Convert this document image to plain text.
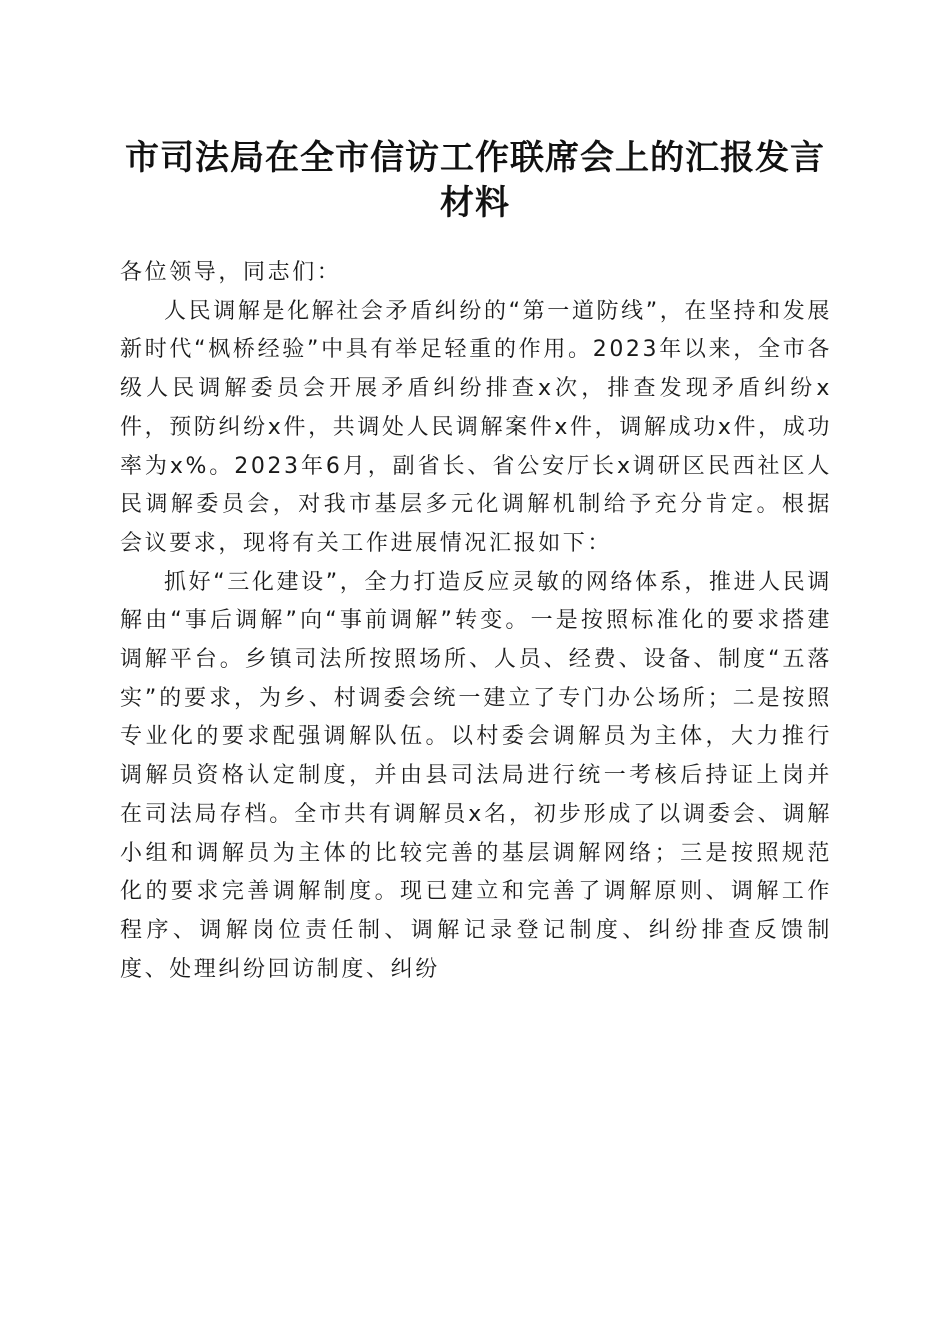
市司法局在全市信访工作联席会上的汇报发言
材料

各位领导，同志们：

人民调解是化解社会矛盾纠纷的“第一道防线”，在坚持和发展新时代“枫桥经验”中具有举足轻重的作用。2023年以来，全市各级人民调解委员会开展矛盾纠纷排查x次，排查发现矛盾纠纷x件，预防纠纷x件，共调处人民调解案件x件，调解成功x件，成功率为x%。2023年6月，副省长、省公安厅长x调研区民西社区人民调解委员会，对我市基层多元化调解机制给予充分肯定。根据会议要求，现将有关工作进展情况汇报如下：

抓好“三化建设”，全力打造反应灵敏的网络体系，推进人民调解由“事后调解”向“事前调解”转变。一是按照标准化的要求搭建调解平台。乡镇司法所按照场所、人员、经费、设备、制度“五落实”的要求，为乡、村调委会统一建立了专门办公场所；二是按照专业化的要求配强调解队伍。以村委会调解员为主体，大力推行调解员资格认定制度，并由县司法局进行统一考核后持证上岗并在司法局存档。全市共有调解员x名，初步形成了以调委会、调解小组和调解员为主体的比较完善的基层调解网络；三是按照规范化的要求完善调解制度。现已建立和完善了调解原则、调解工作程序、调解岗位责任制、调解记录登记制度、纠纷排查反馈制度、处理纠纷回访制度、纠纷
